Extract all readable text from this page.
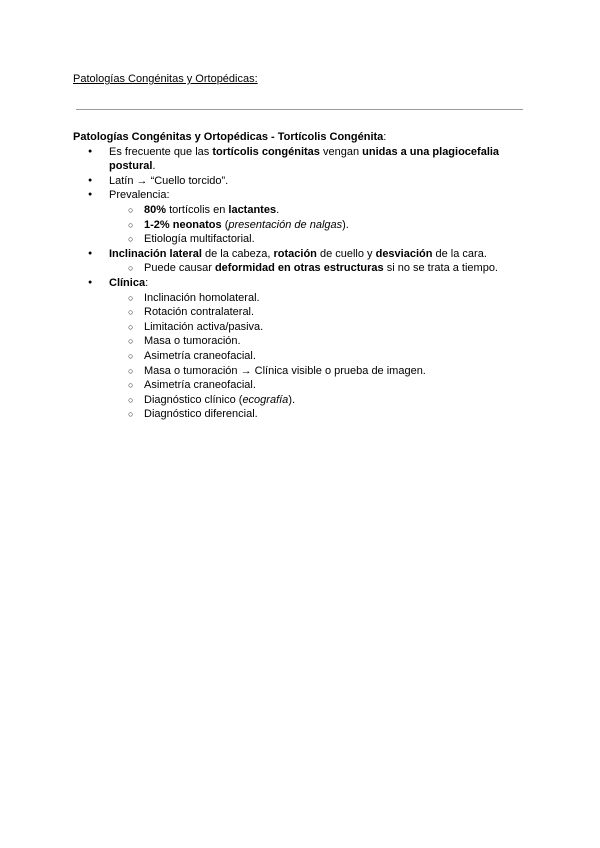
Patologías Congénitas y Ortopédicas:

Patologías Congénitas y Ortopédicas - Tortícolis Congénita:

● Es frecuente que las tortícolis congénitas vengan unidas a una plagiocefalia postural.
● Latín → “Cuello torcido”.
● Prevalencia:
○ 80% tortícolis en lactantes.
○ 1-2% neonatos (presentación de nalgas).
○ Etiología multifactorial.
● Inclinación lateral de la cabeza, rotación de cuello y desviación de la cara.
○ Puede causar deformidad en otras estructuras si no se trata a tiempo.
● Clínica:
○ Inclinación homolateral.
○ Rotación contralateral.
○ Limitación activa/pasiva.
○ Masa o tumoración.
○ Asimetría craneofacial.
○ Masa o tumoración → Clínica visible o prueba de imagen.
○ Asimetría craneofacial.
○ Diagnóstico clínico (ecografía).
○ Diagnóstico diferencial.
